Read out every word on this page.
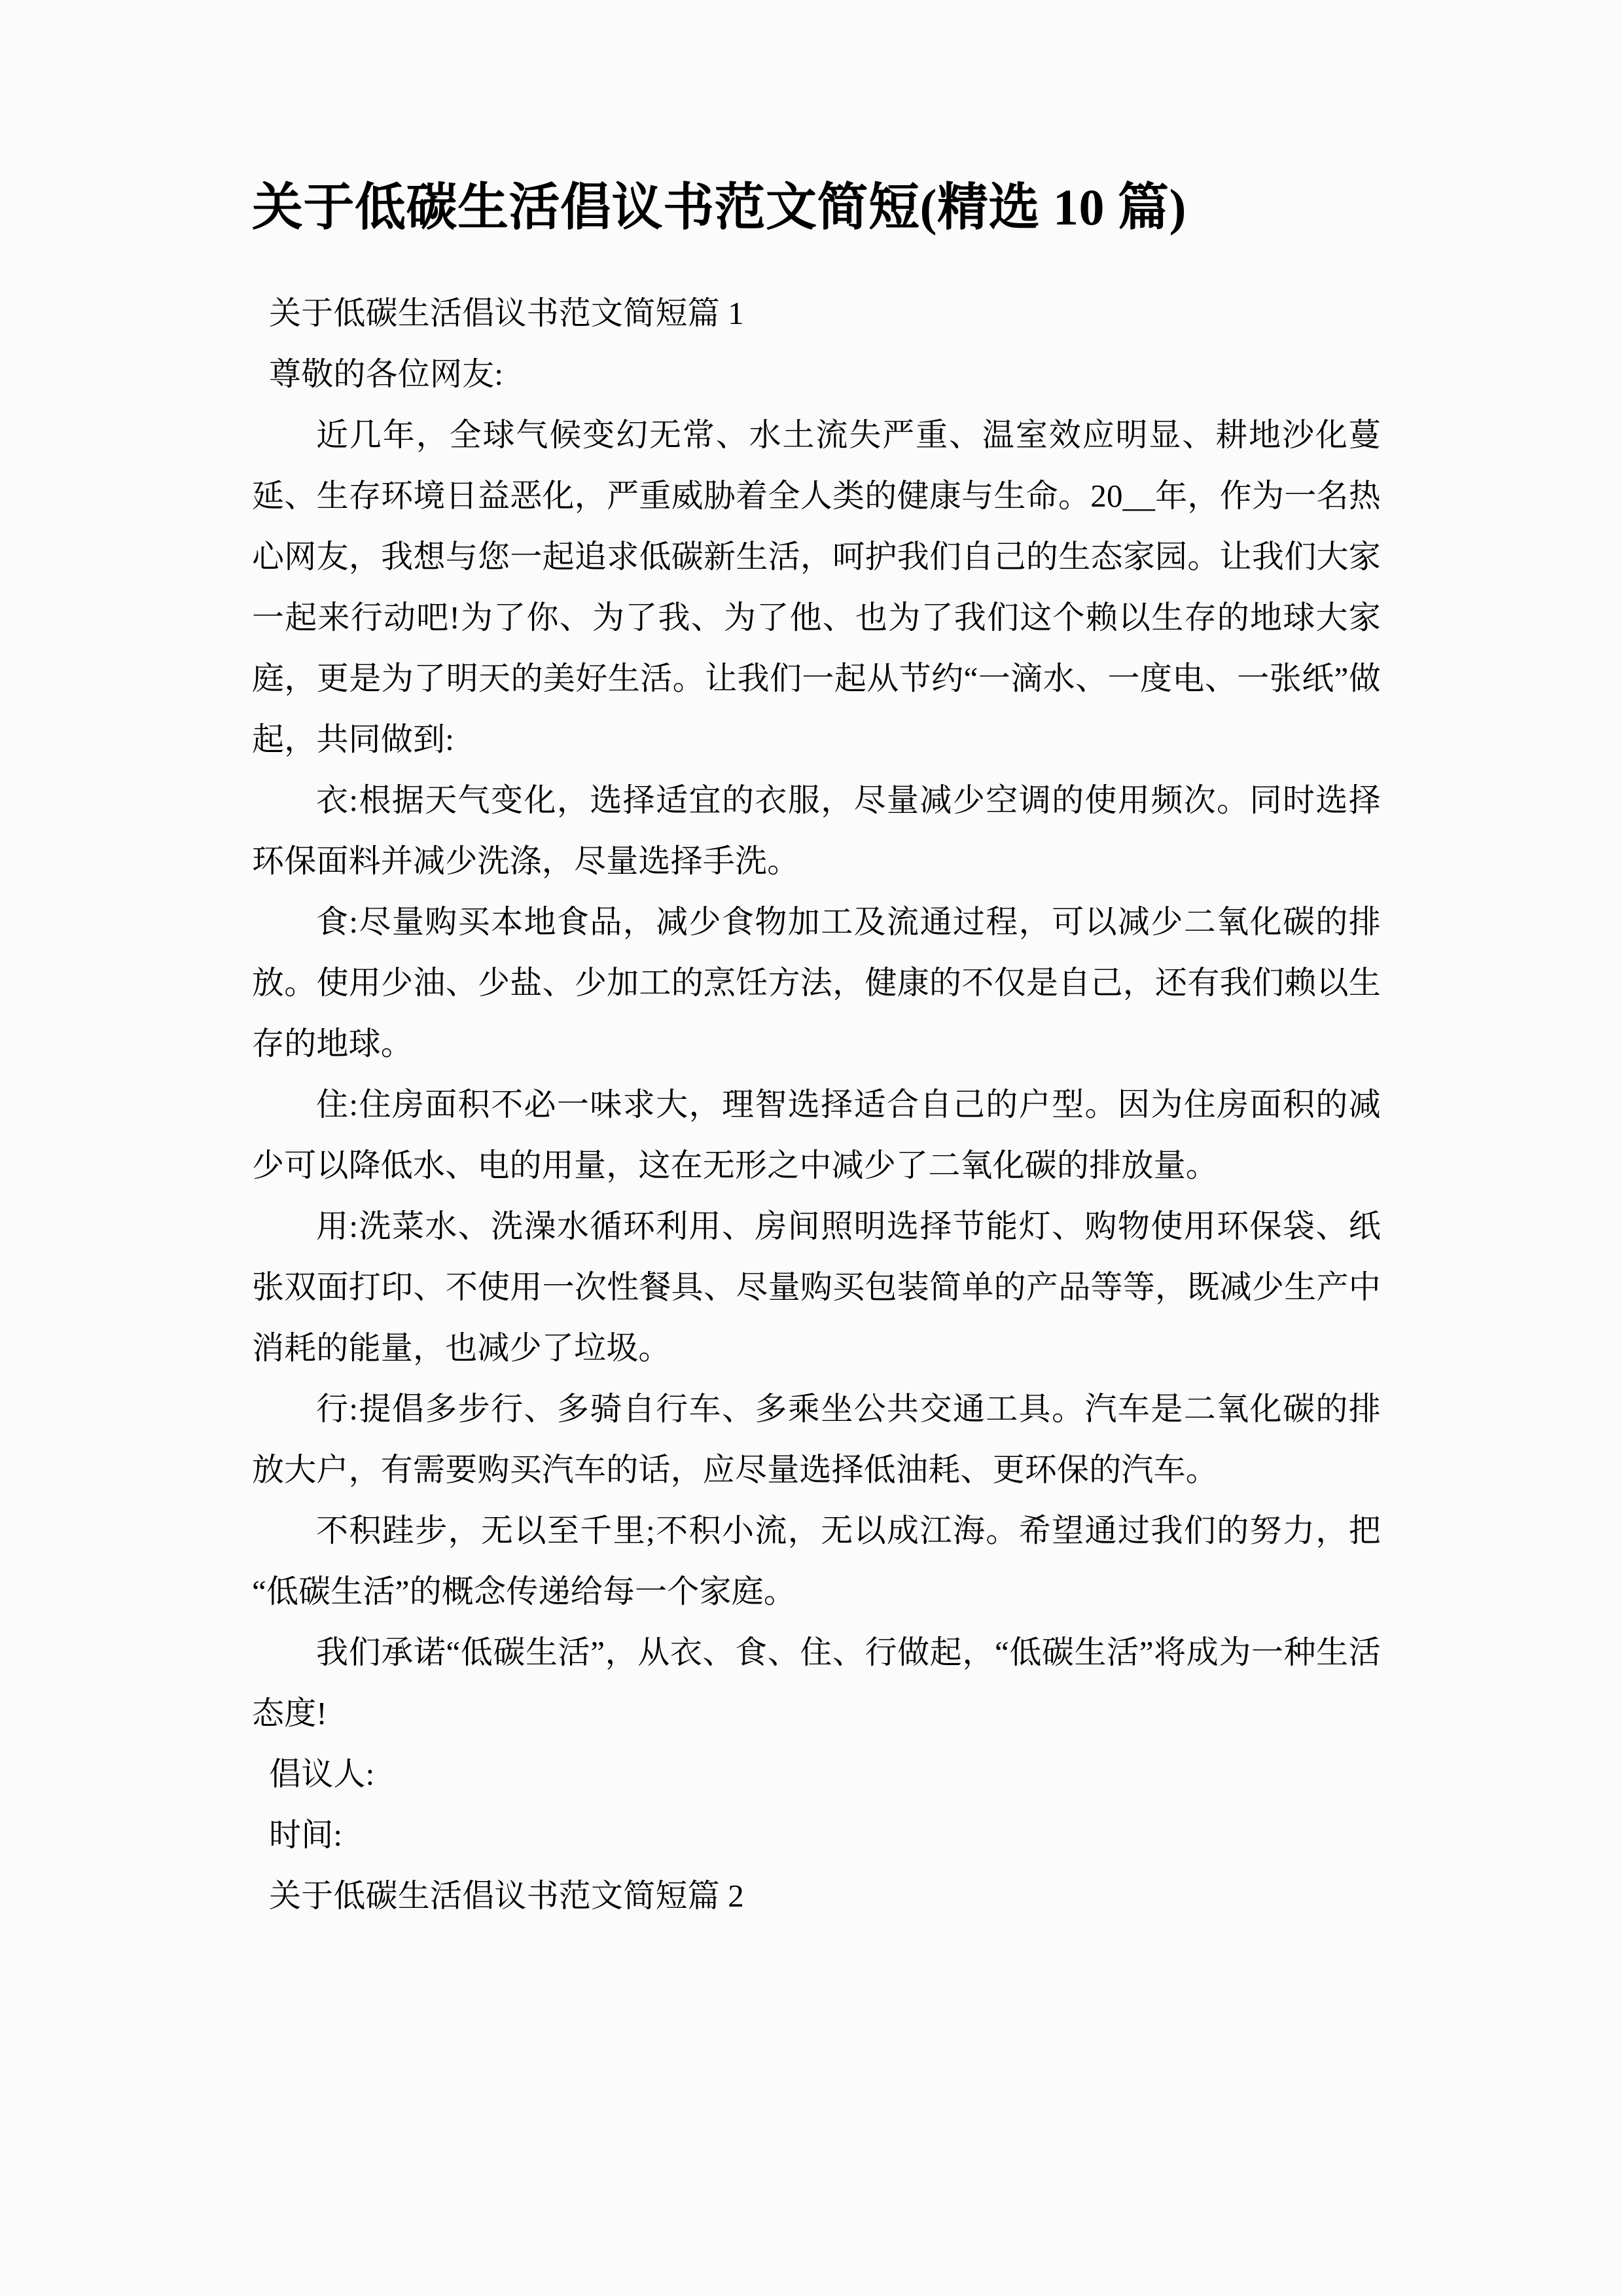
关于低碳生活倡议书范文简短(精选 10 篇)

关于低碳生活倡议书范文简短篇 1

尊敬的各位网友:

近几年，全球气候变幻无常、水土流失严重、温室效应明显、耕地沙化蔓延、生存环境日益恶化，严重威胁着全人类的健康与生命。20__年，作为一名热心网友，我想与您一起追求低碳新生活，呵护我们自己的生态家园。让我们大家一起来行动吧!为了你、为了我、为了他、也为了我们这个赖以生存的地球大家庭，更是为了明天的美好生活。让我们一起从节约“一滴水、一度电、一张纸”做起，共同做到:

衣:根据天气变化，选择适宜的衣服，尽量减少空调的使用频次。同时选择环保面料并减少洗涤，尽量选择手洗。

食:尽量购买本地食品，减少食物加工及流通过程，可以减少二氧化碳的排放。使用少油、少盐、少加工的烹饪方法，健康的不仅是自己，还有我们赖以生存的地球。

住:住房面积不必一味求大，理智选择适合自己的户型。因为住房面积的减少可以降低水、电的用量，这在无形之中减少了二氧化碳的排放量。

用:洗菜水、洗澡水循环利用、房间照明选择节能灯、购物使用环保袋、纸张双面打印、不使用一次性餐具、尽量购买包装简单的产品等等，既减少生产中消耗的能量，也减少了垃圾。

行:提倡多步行、多骑自行车、多乘坐公共交通工具。汽车是二氧化碳的排放大户，有需要购买汽车的话，应尽量选择低油耗、更环保的汽车。

不积跬步，无以至千里;不积小流，无以成江海。希望通过我们的努力，把“低碳生活”的概念传递给每一个家庭。

我们承诺“低碳生活”，从衣、食、住、行做起，“低碳生活”将成为一种生活态度!

倡议人:

时间:

关于低碳生活倡议书范文简短篇 2
